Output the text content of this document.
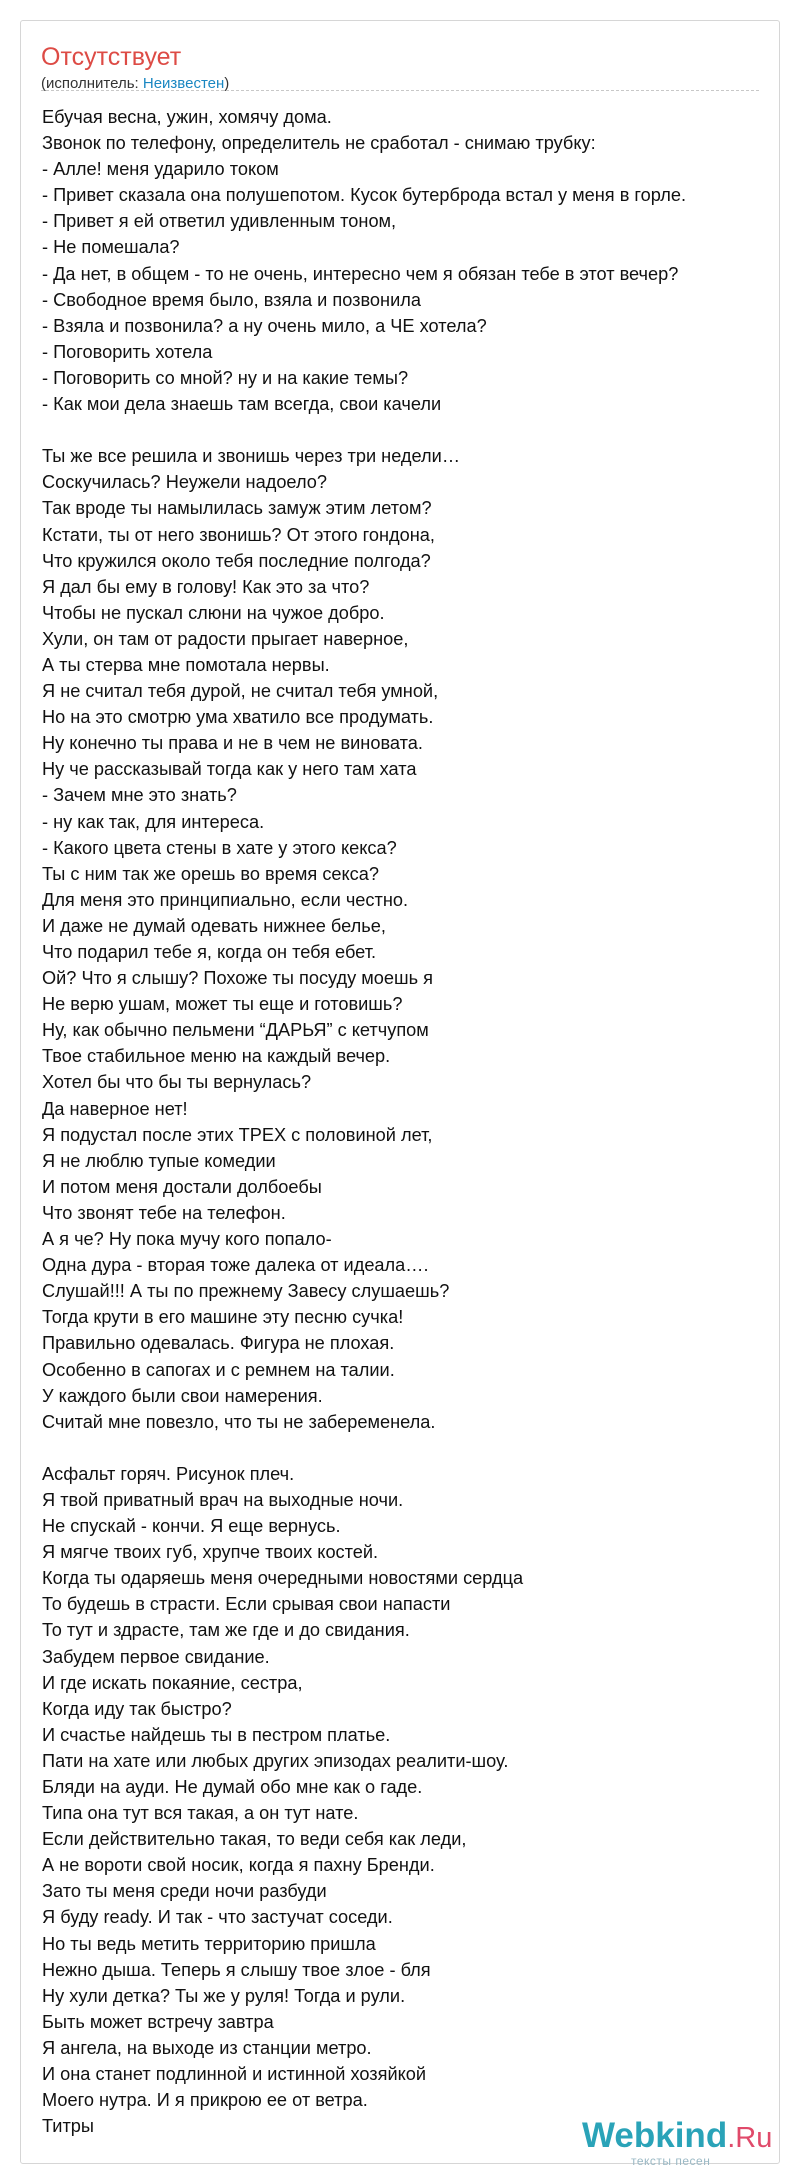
Отсутствует
(исполнитель: Неизвестен)
Ебучая весна, ужин, хомячу дома.
Звонок по телефону, определитель не сработал - снимаю трубку:
- Алле! меня ударило током
- Привет сказала она полушепотом. Кусок бутерброда встал у меня в горле.
- Привет я ей ответил удивленным тоном,
- Не помешала?
- Да нет, в общем - то не очень, интересно чем я обязан тебе в этот вечер?
- Свободное время было, взяла и позвонила
- Взяла и позвонила? а ну очень мило, а ЧЕ хотела?
- Поговорить хотела
- Поговорить со мной? ну и на какие темы?
- Как мои дела знаешь там всегда, свои качели
Ты же все решила и звонишь через три недели…
Соскучилась? Неужели надоело?
Так вроде ты намылилась замуж этим летом?
Кстати, ты от него звонишь? От этого гондона,
Что кружился около тебя последние полгода?
Я дал бы ему в голову! Как это за что?
Чтобы не пускал слюни на чужое добро.
Хули, он там от радости прыгает наверное,
А ты стерва мне помотала нервы.
Я не считал тебя дурой, не считал тебя умной,
Но на это смотрю ума хватило все продумать.
Ну конечно ты права и не в чем не виновата.
Ну че рассказывай тогда как у него там хата
- Зачем мне это знать?
- ну как так, для интереса.
- Какого цвета стены в хате у этого кекса?
Ты с ним так же орешь во время секса?
Для меня это принципиально, если честно.
И даже не думай одевать нижнее белье,
Что подарил тебе я, когда он тебя ебет.
Ой? Что я слышу? Похоже ты посуду моешь я
Не верю ушам, может ты еще и готовишь?
Ну, как обычно пельмени “ДАРЬЯ” с кетчупом
Твое стабильное меню на каждый вечер.
Хотел бы что бы ты вернулась?
Да наверное нет!
Я подустал после этих ТРЕХ с половиной лет,
Я не люблю тупые комедии
И потом меня достали долбоебы
Что звонят тебе на телефон.
А я че? Ну пока мучу кого попало-
Одна дура - вторая тоже далека от идеала….
Слушай!!! А ты по прежнему Завесу слушаешь?
Тогда крути в его машине эту песню сучка!
Правильно одевалась. Фигура не плохая.
Особенно в сапогах и с ремнем на талии.
У каждого были свои намерения.
Считай мне повезло, что ты не забеременела.
Асфальт горяч. Рисунок плеч.
Я твой приватный врач на выходные ночи.
Не спускай - кончи. Я еще вернусь.
Я мягче твоих губ, хрупче твоих костей.
Когда ты одаряешь меня очередными новостями сердца
То будешь в страсти. Если срывая свои напасти
То тут и здрасте, там же где и до свидания.
Забудем первое свидание.
И где искать покаяние, сестра,
Когда иду так быстро?
И счастье найдешь ты в пестром платье.
Пати на хате или любых других эпизодах реалити-шоу.
Бляди на ауди. Не думай обо мне как о гаде.
Типа она тут вся такая, а он тут нате.
Если действительно такая, то веди себя как леди,
А не вороти свой носик, когда я пахну Бренди.
Зато ты меня среди ночи разбуди
Я буду ready. И так - что застучат соседи.
Но ты ведь метить территорию пришла
Нежно дыша. Теперь я слышу твое злое - бля
Ну хули детка? Ты же у руля! Тогда и рули.
Быть может встречу завтра
Я ангела, на выходе из станции метро.
И она станет подлинной и истинной хозяйкой
Моего нутра. И я прикрою ее от ветра.
Титры	Webkind.Ru
тексты песен
